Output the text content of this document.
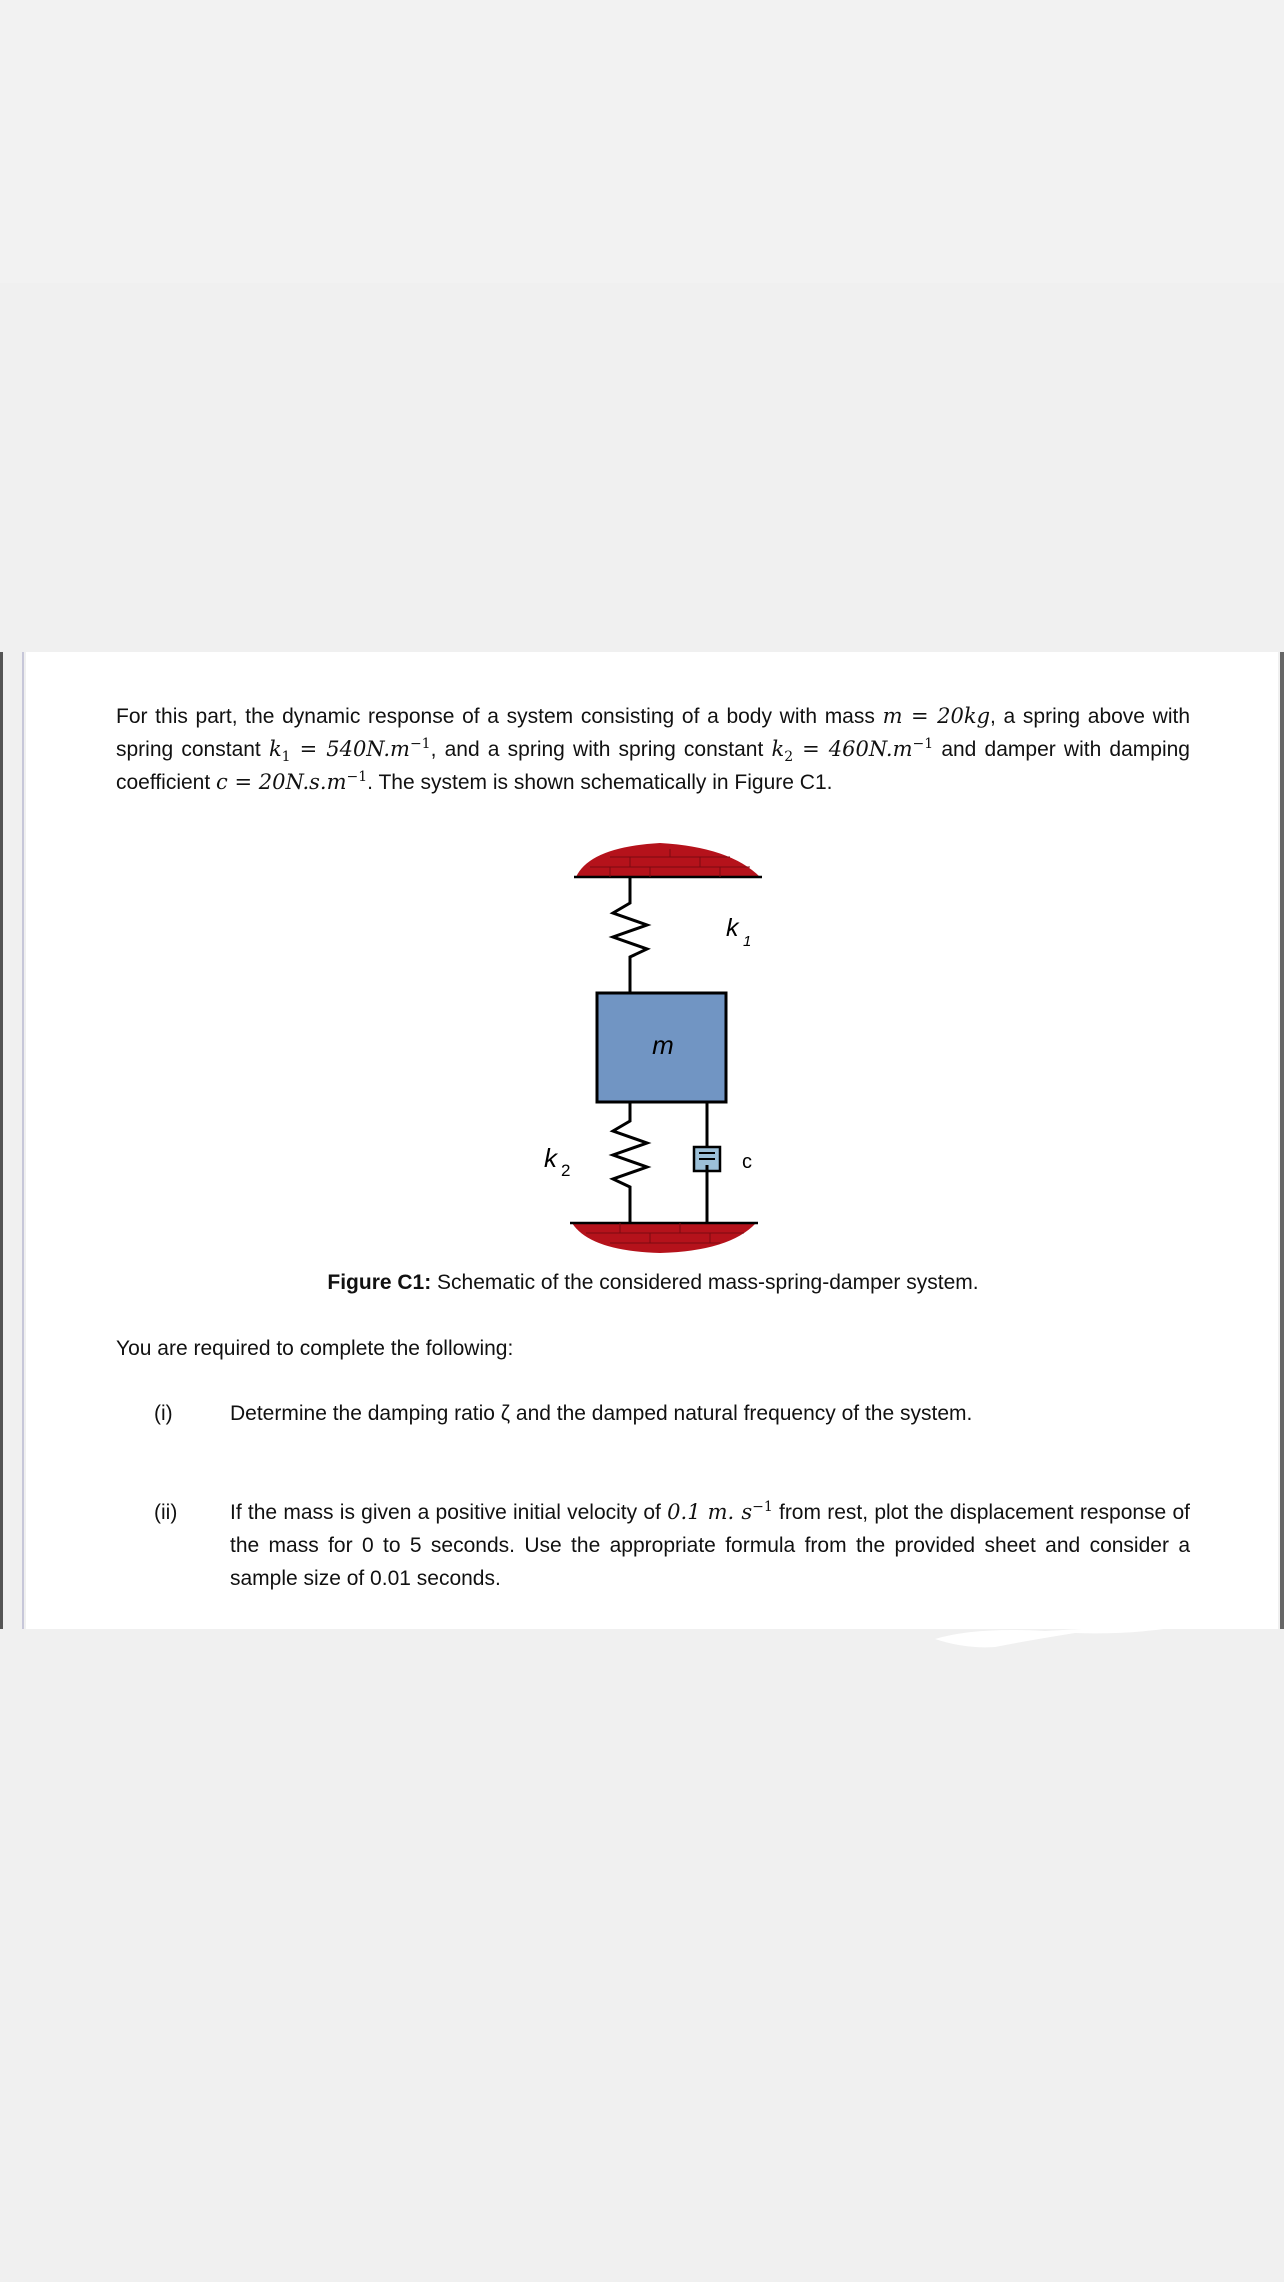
For this part, the dynamic response of a system consisting of a body with mass m = 20kg, a spring above with spring constant $k_1 = 540N.m^{-1}$, and a spring with spring constant $k_2 = 460N.m^{-1}$ and damper with damping coefficient $c = 20N.s.m^{-1}$. The system is shown schematically in Figure C1.

k 1
m
k 2	c
Figure C1: Schematic of the considered mass-spring-damper system.
You are required to complete the following:
(i)	Determine the damping ratio ζ and the damped natural frequency of the system.
(ii)	If the mass is given a positive initial velocity of 0.1 m. $s^{-1}$ from rest, plot the displacement response of the mass for 0 to 5 seconds. Use the appropriate formula from the provided sheet and consider a sample size of 0.01 seconds.
